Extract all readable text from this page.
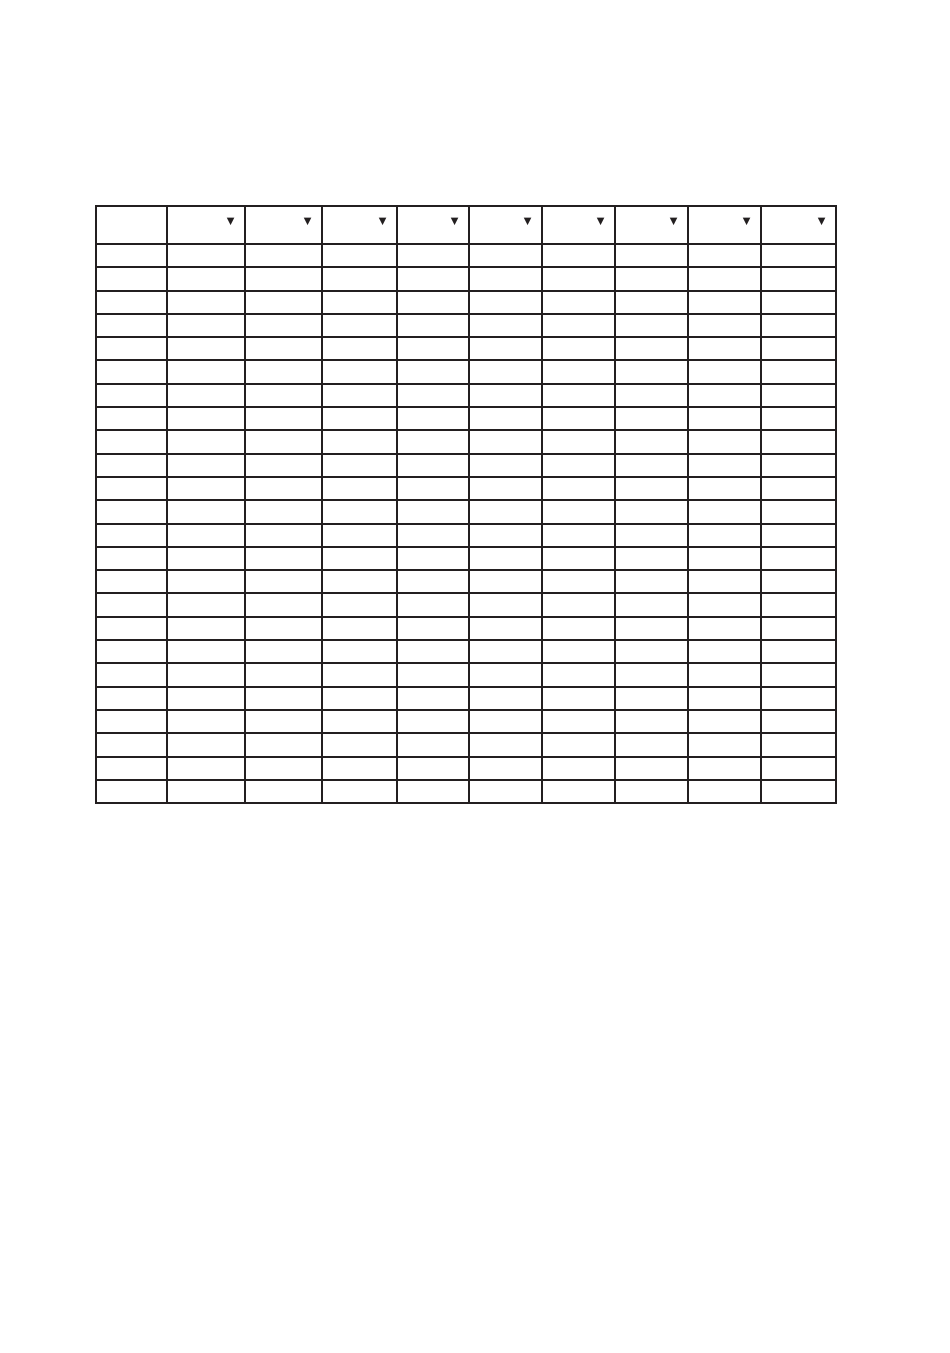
	▼	▼	▼	▼	▼	▼	▼	▼	▼
